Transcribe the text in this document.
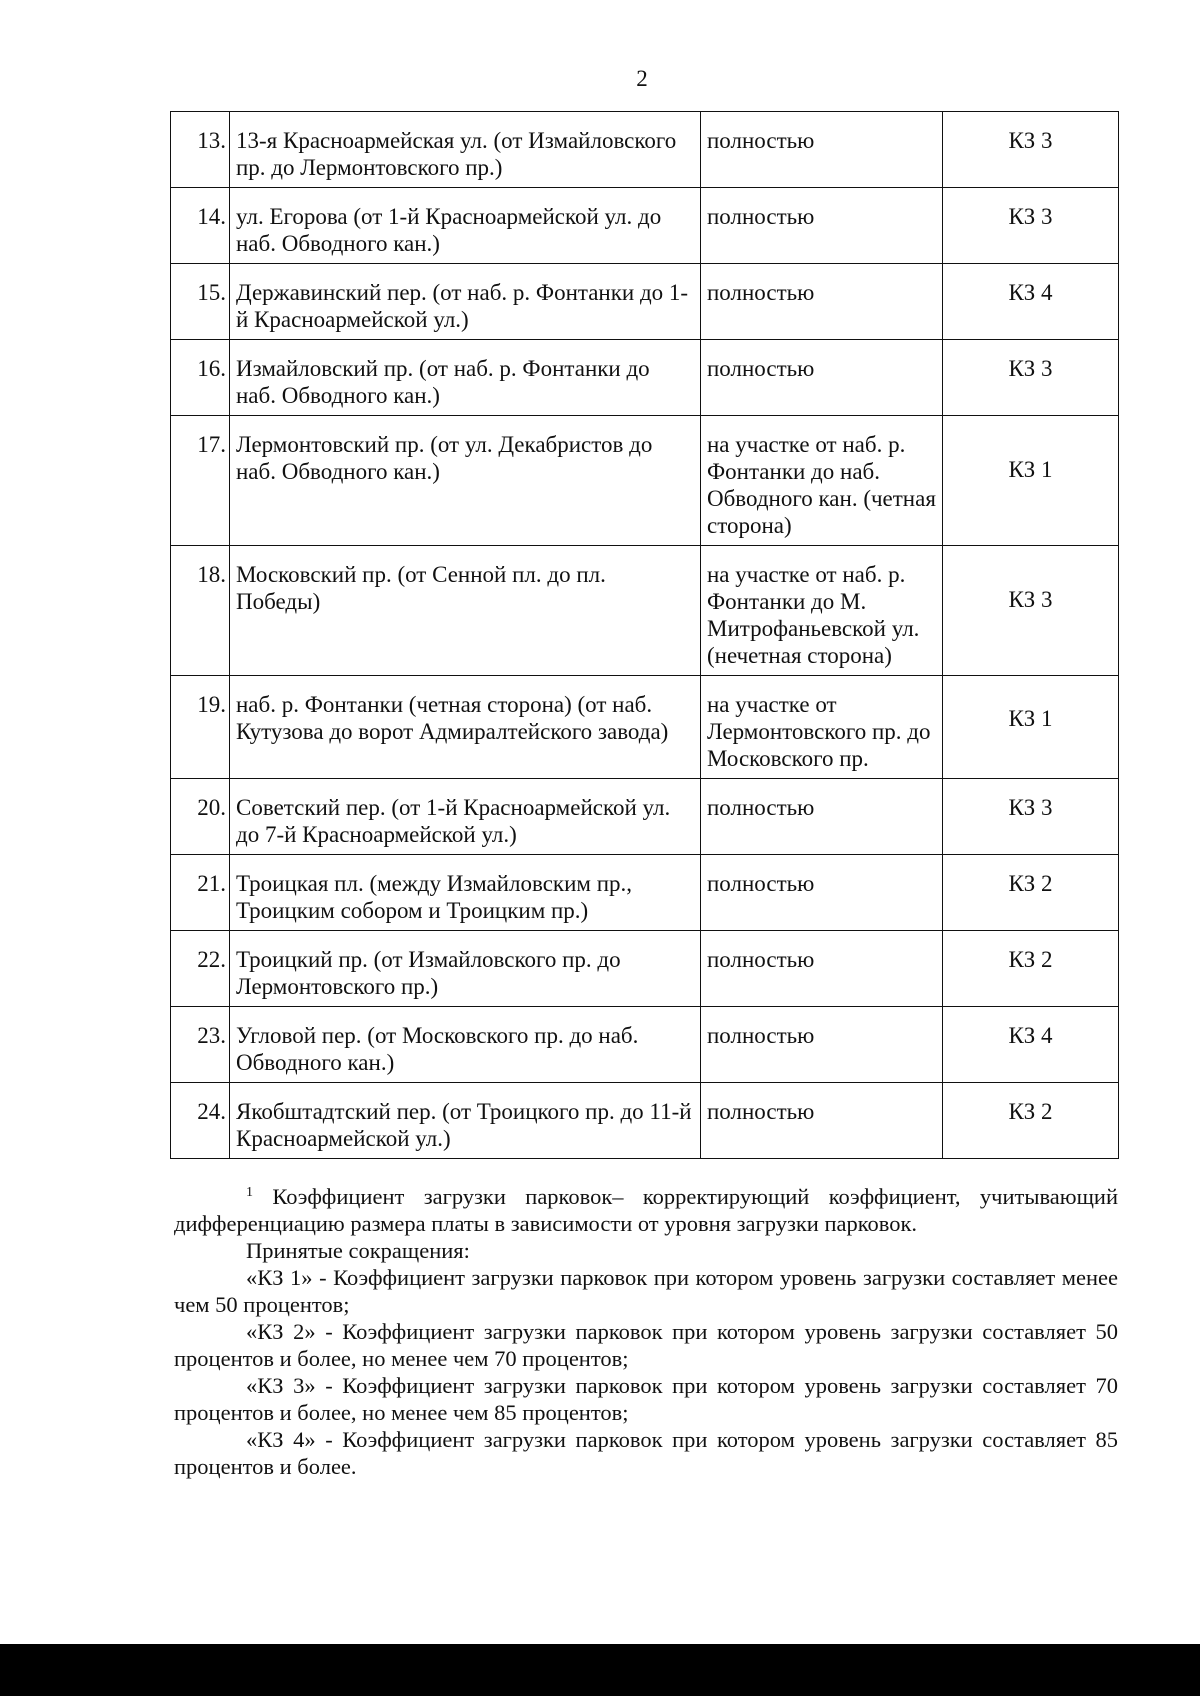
2
13.	13-я Красноармейская ул. (от Измайловского пр. до Лермонтовского пр.)	полностью	КЗ 3
14.	ул. Егорова (от 1-й Красноармейской ул. до наб. Обводного кан.)	полностью	КЗ 3
15.	Державинский пер. (от наб. р. Фонтанки до 1-й Красноармейской ул.)	полностью	КЗ 4
16.	Измайловский пр. (от наб. р. Фонтанки до наб. Обводного кан.)	полностью	КЗ 3
17.	Лермонтовский пр. (от ул. Декабристов до наб. Обводного кан.)	на участке от наб. р. Фонтанки до наб. Обводного кан. (четная сторона)	КЗ 1
18.	Московский пр. (от Сенной пл. до пл. Победы)	на участке от наб. р. Фонтанки до М. Митрофаньевской ул. (нечетная сторона)	КЗ 3
19.	наб. р. Фонтанки (четная сторона) (от наб. Кутузова до ворот Адмиралтейского завода)	на участке от Лермонтовского пр. до Московского пр.	КЗ 1
20.	Советский пер. (от 1-й Красноармейской ул. до 7-й Красноармейской ул.)	полностью	КЗ 3
21.	Троицкая пл. (между Измайловским пр., Троицким собором и Троицким пр.)	полностью	КЗ 2
22.	Троицкий пр. (от Измайловского пр. до Лермонтовского пр.)	полностью	КЗ 2
23.	Угловой пер. (от Московского пр. до наб. Обводного кан.)	полностью	КЗ 4
24.	Якобштадтский пер. (от Троицкого пр. до 11-й Красноармейской ул.)	полностью	КЗ 2

$^1$ Коэффициент загрузки парковок– корректирующий коэффициент, учитывающий дифференциацию размера платы в зависимости от уровня загрузки парковок.

Принятые сокращения:

«КЗ 1» - Коэффициент загрузки парковок при котором уровень загрузки составляет менее чем 50 процентов;

«КЗ 2» - Коэффициент загрузки парковок при котором уровень загрузки составляет 50 процентов и более, но менее чем 70 процентов;

«КЗ 3» - Коэффициент загрузки парковок при котором уровень загрузки составляет 70 процентов и более, но менее чем 85 процентов;

«КЗ 4» - Коэффициент загрузки парковок при котором уровень загрузки составляет 85 процентов и более.
